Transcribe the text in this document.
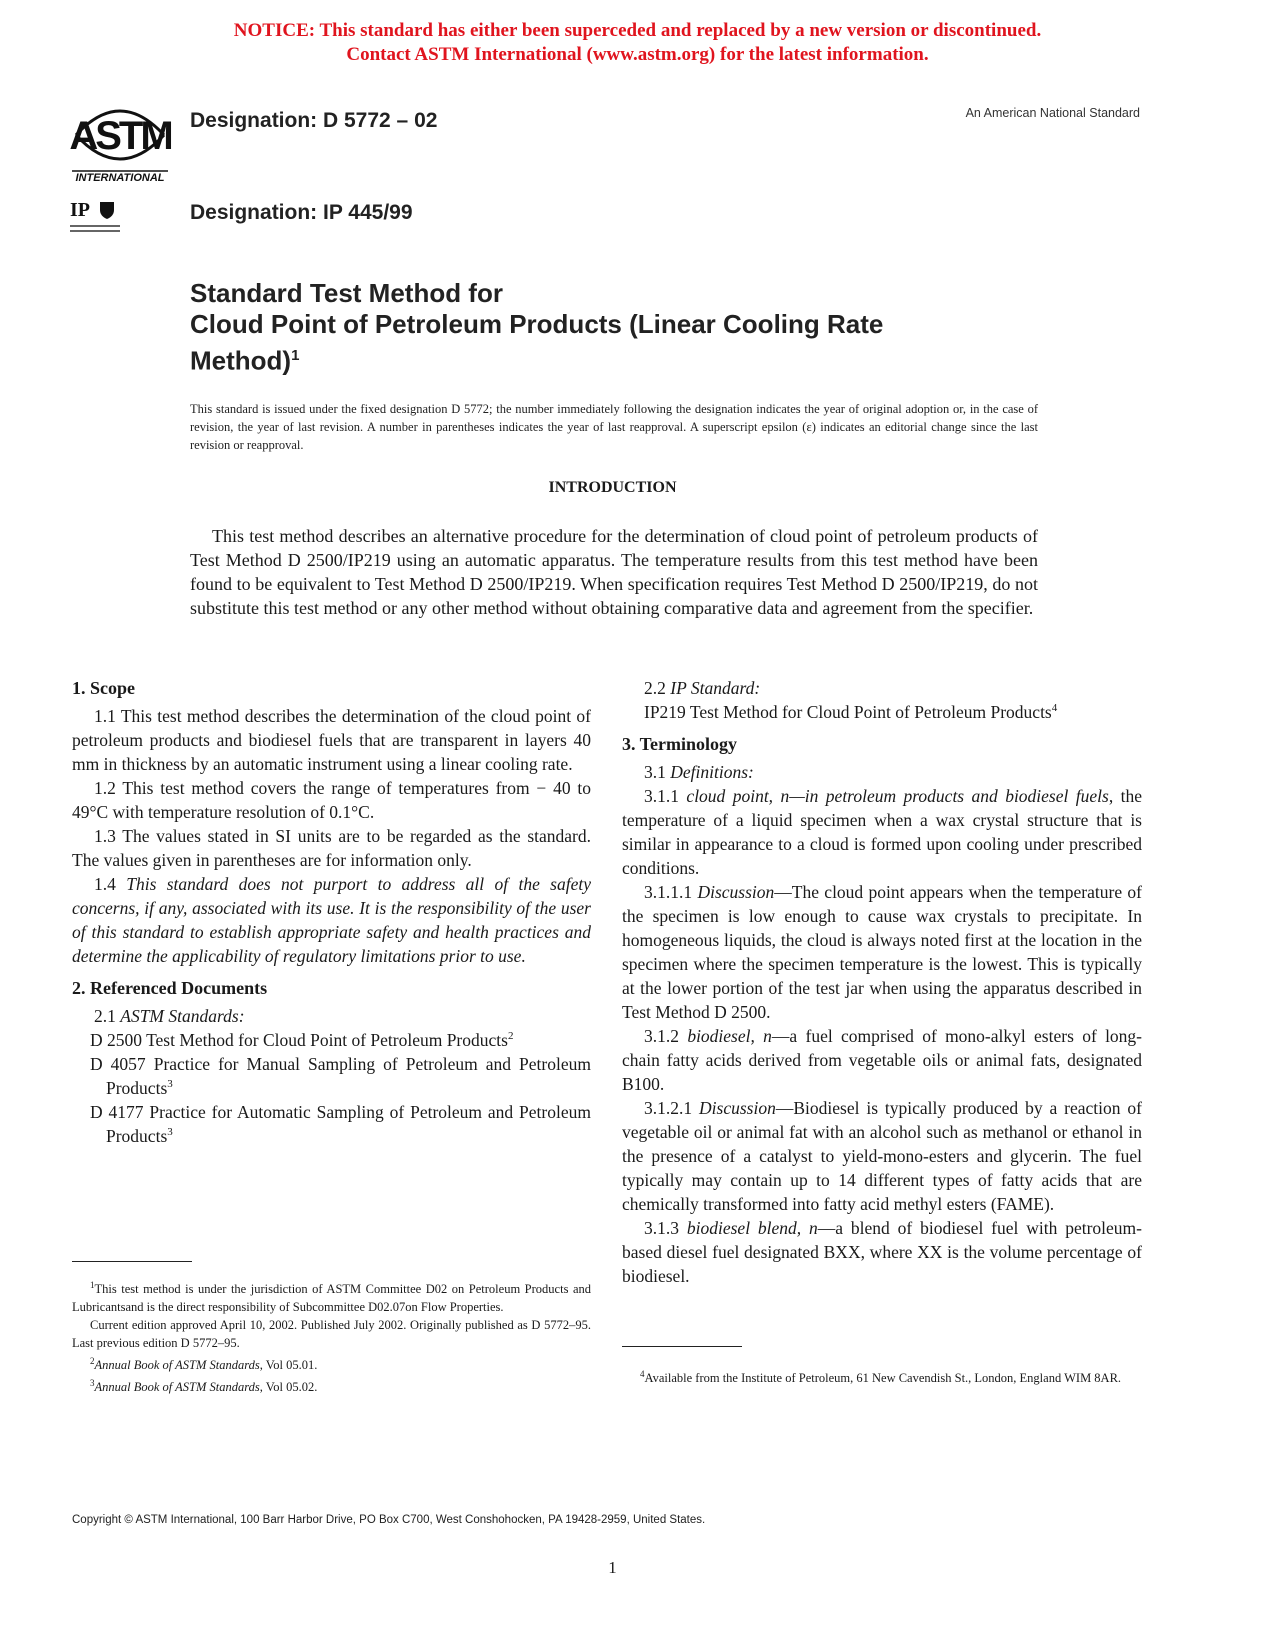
NOTICE: This standard has either been superceded and replaced by a new version or discontinued.
Contact ASTM International (www.astm.org) for the latest information.
ASTM
INTERNATIONAL
IP
Designation: D 5772 – 02
Designation: IP 445/99
An American National Standard
Standard Test Method for
Cloud Point of Petroleum Products (Linear Cooling Rate
Method)$^1$
This standard is issued under the fixed designation D 5772; the number immediately following the designation indicates the year of original adoption or, in the case of revision, the year of last revision. A number in parentheses indicates the year of last reapproval. A superscript epsilon (ε) indicates an editorial change since the last revision or reapproval.
INTRODUCTION
This test method describes an alternative procedure for the determination of cloud point of petroleum products of Test Method D 2500/IP219 using an automatic apparatus. The temperature results from this test method have been found to be equivalent to Test Method D 2500/IP219. When specification requires Test Method D 2500/IP219, do not substitute this test method or any other method without obtaining comparative data and agreement from the specifier.
1. Scope

1.1 This test method describes the determination of the cloud point of petroleum products and biodiesel fuels that are transparent in layers 40 mm in thickness by an automatic instrument using a linear cooling rate.

1.2 This test method covers the range of temperatures from − 40 to 49°C with temperature resolution of 0.1°C.

1.3 The values stated in SI units are to be regarded as the standard. The values given in parentheses are for information only.

1.4 This standard does not purport to address all of the safety concerns, if any, associated with its use. It is the responsibility of the user of this standard to establish appropriate safety and health practices and determine the applicability of regulatory limitations prior to use.

2. Referenced Documents

2.1 ASTM Standards:

D 2500 Test Method for Cloud Point of Petroleum Products$^2$

D 4057 Practice for Manual Sampling of Petroleum and Petroleum Products$^3$

D 4177 Practice for Automatic Sampling of Petroleum and Petroleum Products$^3$

$^1$This test method is under the jurisdiction of ASTM Committee D02 on Petroleum Products and Lubricantsand is the direct responsibility of Subcommittee D02.07on Flow Properties.

Current edition approved April 10, 2002. Published July 2002. Originally published as D 5772–95. Last previous edition D 5772–95.

$^2$Annual Book of ASTM Standards, Vol 05.01.

$^3$Annual Book of ASTM Standards, Vol 05.02.

2.2 IP Standard:

IP219 Test Method for Cloud Point of Petroleum Products$^4$

3. Terminology

3.1 Definitions:

3.1.1 cloud point, n—in petroleum products and biodiesel fuels, the temperature of a liquid specimen when a wax crystal structure that is similar in appearance to a cloud is formed upon cooling under prescribed conditions.

3.1.1.1 Discussion—The cloud point appears when the temperature of the specimen is low enough to cause wax crystals to precipitate. In homogeneous liquids, the cloud is always noted first at the location in the specimen where the specimen temperature is the lowest. This is typically at the lower portion of the test jar when using the apparatus described in Test Method D 2500.

3.1.2 biodiesel, n—a fuel comprised of mono-alkyl esters of long-chain fatty acids derived from vegetable oils or animal fats, designated B100.

3.1.2.1 Discussion—Biodiesel is typically produced by a reaction of vegetable oil or animal fat with an alcohol such as methanol or ethanol in the presence of a catalyst to yield-mono-esters and glycerin. The fuel typically may contain up to 14 different types of fatty acids that are chemically transformed into fatty acid methyl esters (FAME).

3.1.3 biodiesel blend, n—a blend of biodiesel fuel with petroleum-based diesel fuel designated BXX, where XX is the volume percentage of biodiesel.

$^4$Available from the Institute of Petroleum, 61 New Cavendish St., London, England WIM 8AR.

Copyright © ASTM International, 100 Barr Harbor Drive, PO Box C700, West Conshohocken, PA 19428-2959, United States.
1
